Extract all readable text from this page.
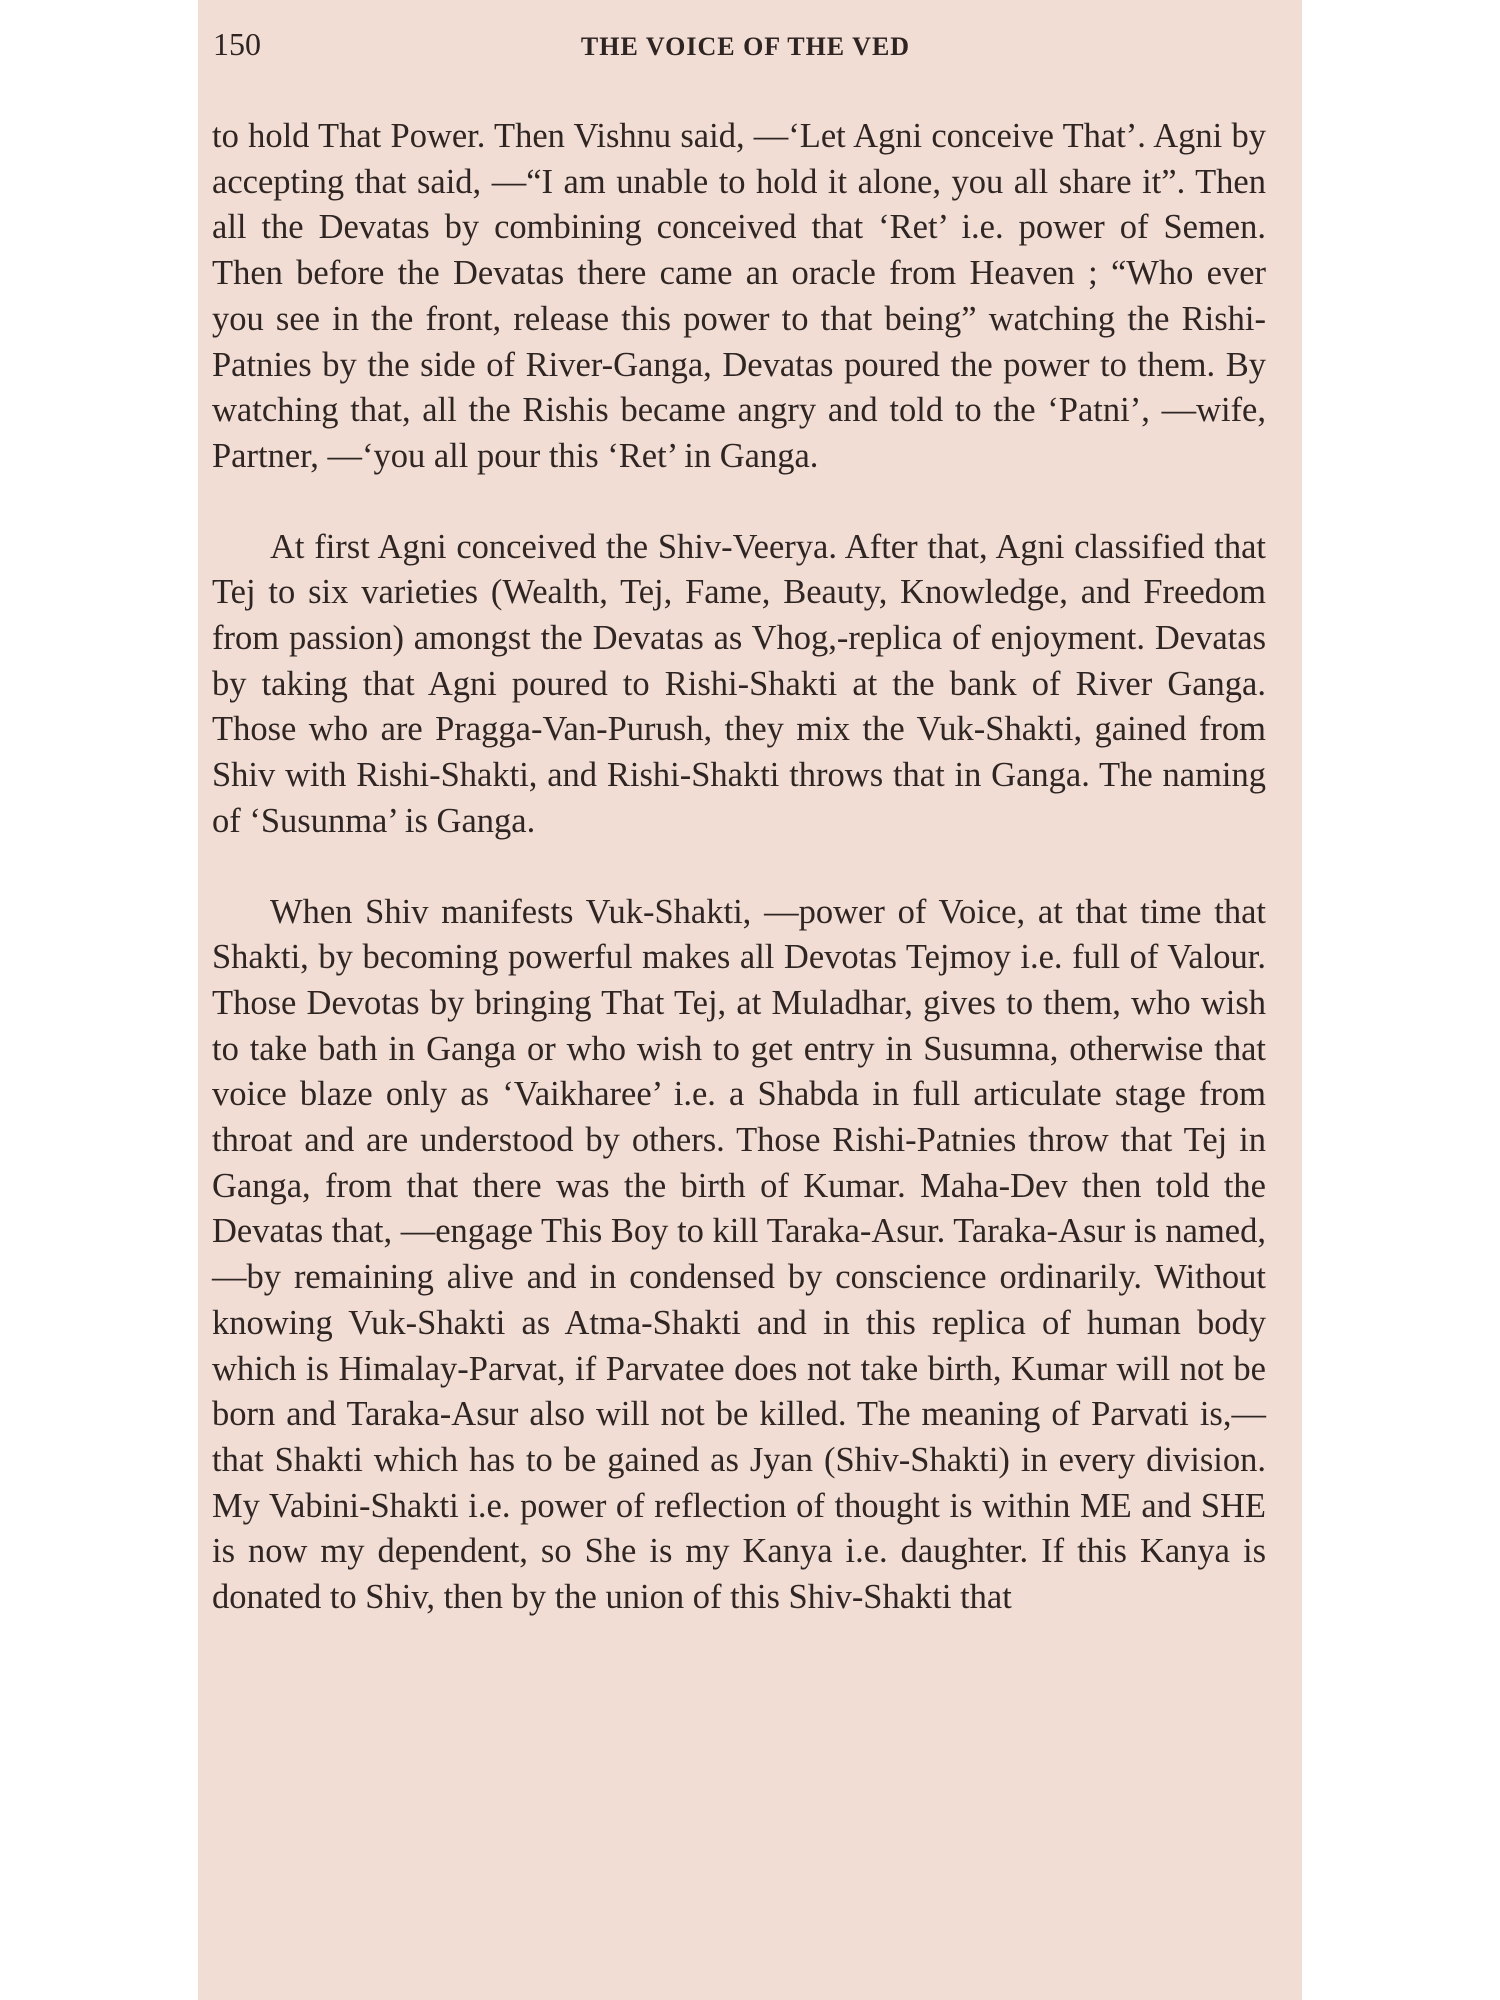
150	THE VOICE OF THE VED

to hold That Power. Then Vishnu said, —‘Let Agni conceive That’. Agni by accepting that said, —“I am unable to hold it alone, you all share it”. Then all the Devatas by combining conceived that ‘Ret’ i.e. power of Semen. Then before the Devatas there came an oracle from Heaven ; “Who ever you see in the front, release this power to that being” watching the Rishi-Patnies by the side of River-Ganga, Devatas poured the power to them. By watching that, all the Rishis became angry and told to the ‘Patni’, —wife, Partner, —‘you all pour this ‘Ret’ in Ganga.

At first Agni conceived the Shiv-Veerya. After that, Agni classified that Tej to six varieties (Wealth, Tej, Fame, Beauty, Knowledge, and Freedom from passion) amongst the Devatas as Vhog,-replica of enjoyment. Devatas by taking that Agni poured to Rishi-Shakti at the bank of River Ganga. Those who are Pragga-Van-Purush, they mix the Vuk-Shakti, gained from Shiv with Rishi-Shakti, and Rishi-Shakti throws that in Ganga. The naming of ‘Susunma’ is Ganga.

When Shiv manifests Vuk-Shakti, —power of Voice, at that time that Shakti, by becoming powerful makes all Devotas Tejmoy i.e. full of Valour. Those Devotas by bringing That Tej, at Muladhar, gives to them, who wish to take bath in Ganga or who wish to get entry in Susumna, otherwise that voice blaze only as ‘Vaikharee’ i.e. a Shabda in full articulate stage from throat and are understood by others. Those Rishi-Patnies throw that Tej in Ganga, from that there was the birth of Kumar. Maha-Dev then told the Devatas that, —engage This Boy to kill Taraka-Asur. Taraka-Asur is named, —by remaining alive and in condensed by conscience ordinarily. Without knowing Vuk-Shakti as Atma-Shakti and in this replica of human body which is Himalay-Parvat, if Parvatee does not take birth, Kumar will not be born and Taraka-Asur also will not be killed. The meaning of Parvati is,—that Shakti which has to be gained as Jyan (Shiv-Shakti) in every division. My Vabini-Shakti i.e. power of reflection of thought is within ME and SHE is now my dependent, so She is my Kanya i.e. daughter. If this Kanya is donated to Shiv, then by the union of this Shiv-Shakti that
